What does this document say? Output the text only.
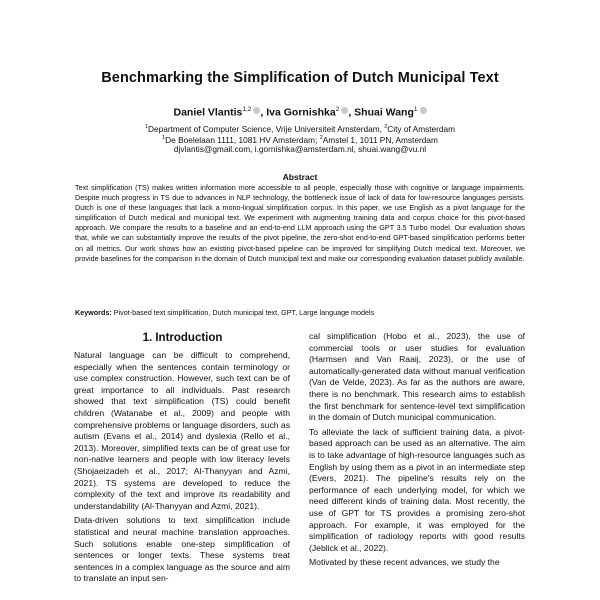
Benchmarking the Simplification of Dutch Municipal Text
Daniel Vlantis$^{1,2}$ , Iva Gornishka$^2$ , Shuai Wang$^1$
$^1$Department of Computer Science, Vrije Universiteit Amsterdam, $^2$City of Amsterdam
$^1$De Boelelaan 1111, 1081 HV Amsterdam; $^2$Amstel 1, 1011 PN, Amsterdam
djvlantis@gmail.com, i.gornishka@amsterdam.nl, shuai.wang@vu.nl
Abstract
Text simplification (TS) makes written information more accessible to all people, especially those with cognitive or language impairments. Despite much progress in TS due to advances in NLP technology, the bottleneck issue of lack of data for low-resource languages persists. Dutch is one of these languages that lack a mono-lingual simplification corpus. In this paper, we use English as a pivot language for the simplification of Dutch medical and municipal text. We experiment with augmenting training data and corpus choice for this pivot-based approach. We compare the results to a baseline and an end-to-end LLM approach using the GPT 3.5 Turbo model. Our evaluation shows that, while we can substantially improve the results of the pivot pipeline, the zero-shot end-to-end GPT-based simplification performs better on all metrics. Our work shows how an existing pivot-based pipeline can be improved for simplifying Dutch medical text. Moreover, we provide baselines for the comparison in the domain of Dutch municipal text and make our corresponding evaluation dataset publicly available.
Keywords: Pivot-based text simplification, Dutch municipal text, GPT, Large language models
1. Introduction

Natural language can be difficult to comprehend, especially when the sentences contain terminology or use complex construction. However, such text can be of great importance to all individuals. Past research showed that text simplification (TS) could benefit children (Watanabe et al., 2009) and people with comprehensive problems or language disorders, such as autism (Evans et al., 2014) and dyslexia (Rello et al., 2013). Moreover, simplified texts can be of great use for non-native learners and people with low literacy levels (Shojaeizadeh et al., 2017; Al-Thanyyan and Azmi, 2021). TS systems are developed to reduce the complexity of the text and improve its readability and understandability (Al-Thanyyan and Azmi, 2021).

Data-driven solutions to text simplification include statistical and neural machine translation approaches. Such solutions enable one-step simplification of sentences or longer texts. These systems treat sentences in a complex language as the source and aim to translate an input sen-

cal simplification (Hobo et al., 2023), the use of commercial tools or user studies for evaluation (Harmsen and Van Raaij, 2023), or the use of automatically-generated data without manual verification (Van de Velde, 2023). As far as the authors are aware, there is no benchmark. This research aims to establish the first benchmark for sentence-level text simplification in the domain of Dutch municipal communication.

To alleviate the lack of sufficient training data, a pivot-based approach can be used as an alternative. The aim is to take advantage of high-resource languages such as English by using them as a pivot in an intermediate step (Evers, 2021). The pipeline's results rely on the performance of each underlying model, for which we need different kinds of training data. Most recently, the use of GPT for TS provides a promising zero-shot approach. For example, it was employed for the simplification of radiology reports with good results (Jeblick et al., 2022).

Motivated by these recent advances, we study the
